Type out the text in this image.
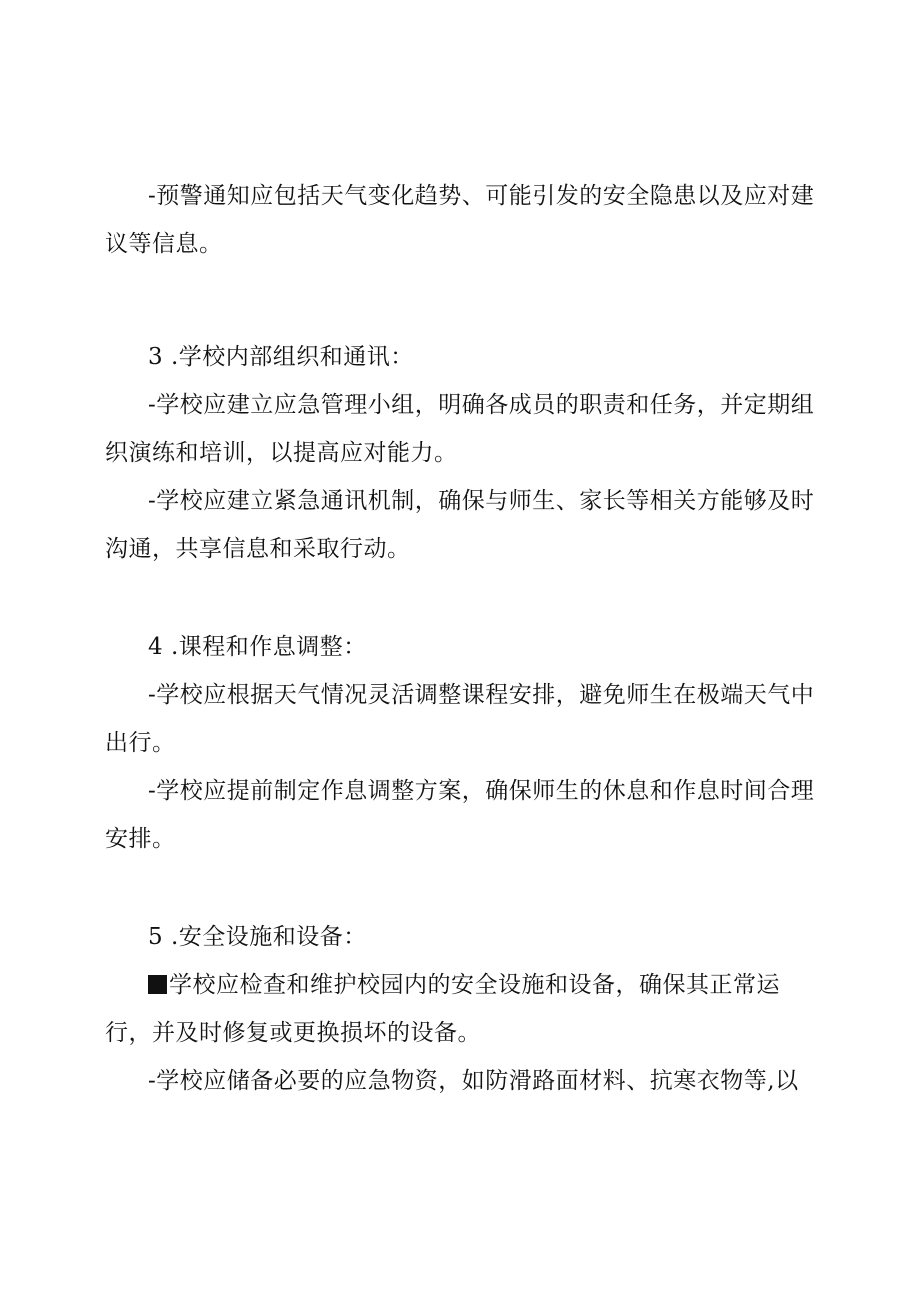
-预警通知应包括天气变化趋势、可能引发的安全隐患以及应对建
议等信息。
3 .学校内部组织和通讯：
-学校应建立应急管理小组，明确各成员的职责和任务，并定期组
织演练和培训，以提高应对能力。
-学校应建立紧急通讯机制，确保与师生、家长等相关方能够及时
沟通，共享信息和采取行动。
4 .课程和作息调整：
-学校应根据天气情况灵活调整课程安排，避免师生在极端天气中
出行。
-学校应提前制定作息调整方案，确保师生的休息和作息时间合理
安排。
5 .安全设施和设备：
学校应检查和维护校园内的安全设施和设备，确保其正常运
行，并及时修复或更换损坏的设备。
-学校应储备必要的应急物资，如防滑路面材料、抗寒衣物等,以
